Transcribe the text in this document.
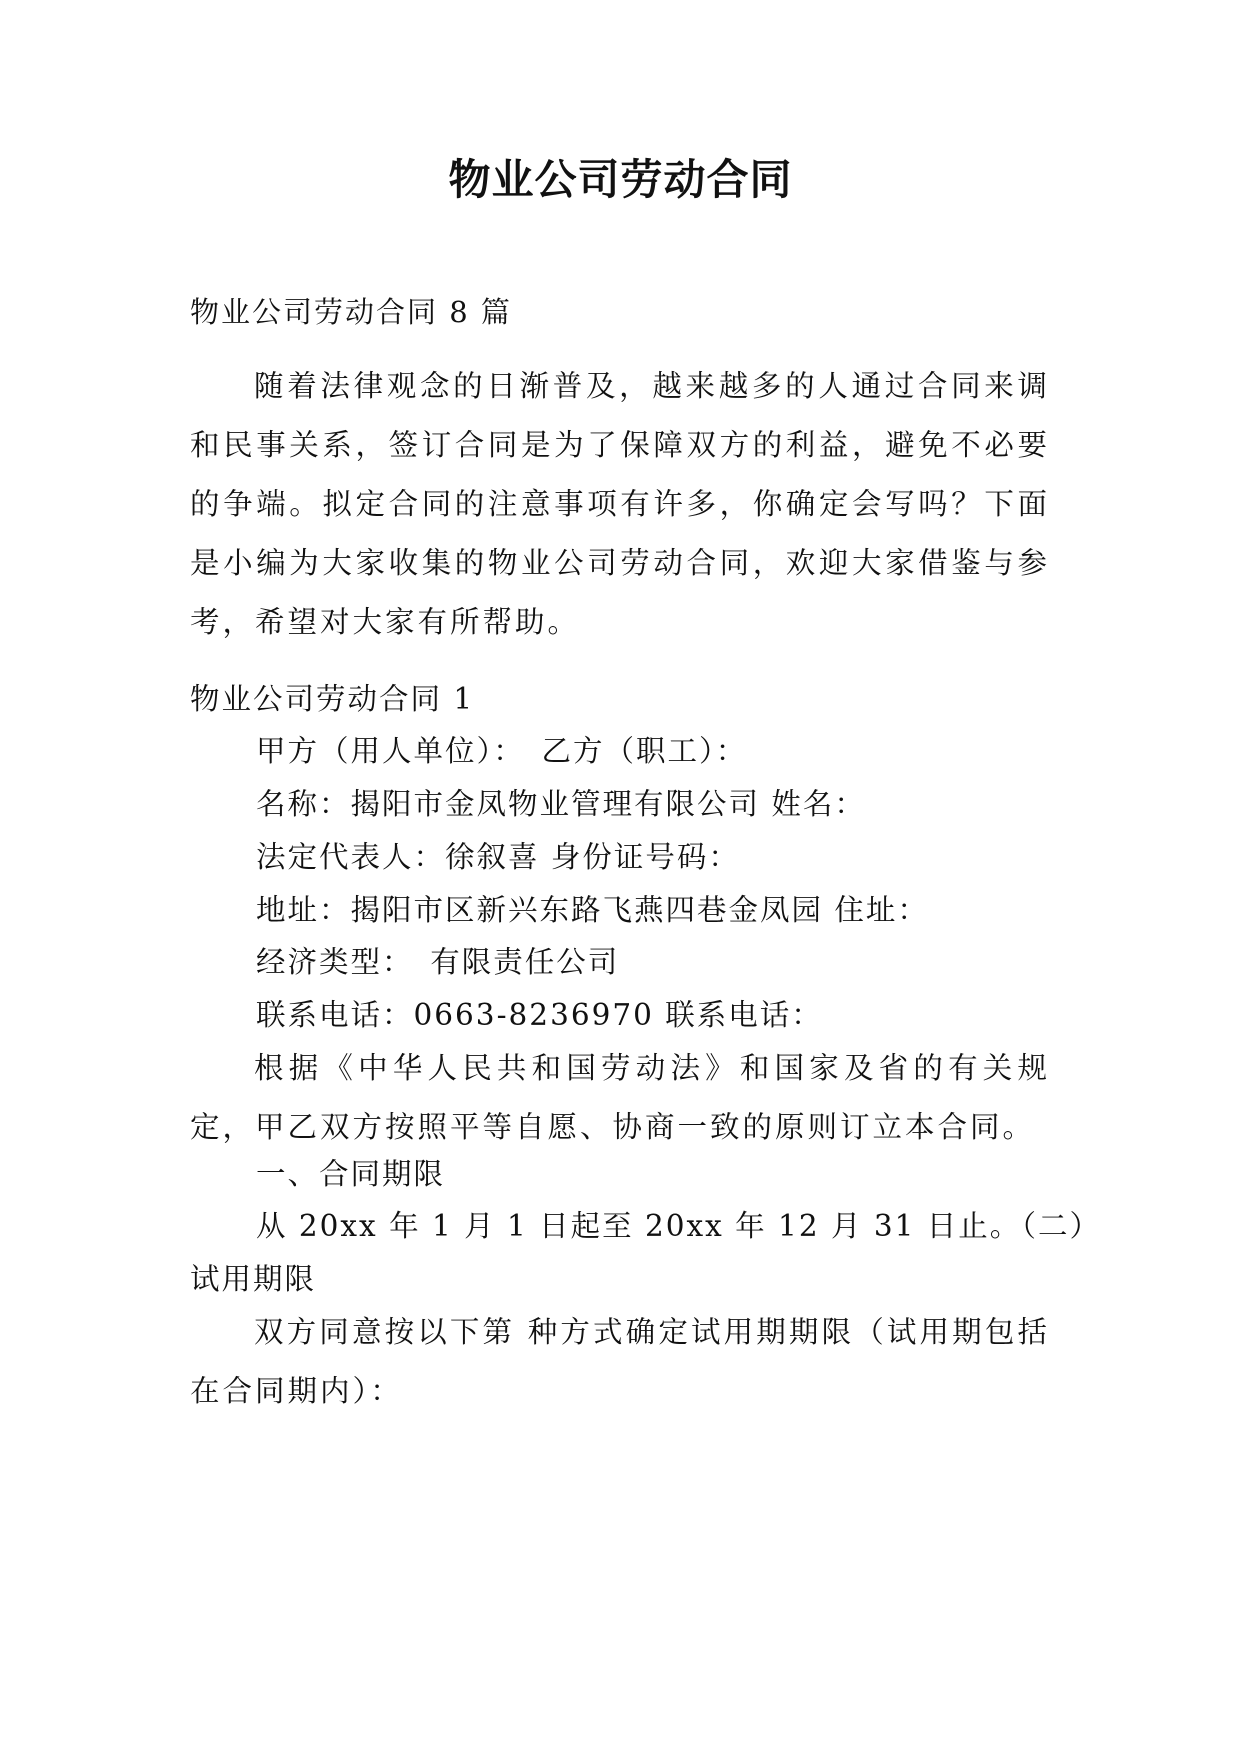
物业公司劳动合同
物业公司劳动合同 8 篇
随着法律观念的日渐普及，越来越多的人通过合同来调和民事关系，签订合同是为了保障双方的利益，避免不必要的争端。拟定合同的注意事项有许多，你确定会写吗？下面是小编为大家收集的物业公司劳动合同，欢迎大家借鉴与参考，希望对大家有所帮助。
物业公司劳动合同 1
甲方（用人单位）：　乙方（职工）：
名称：揭阳市金凤物业管理有限公司 姓名：
法定代表人：徐叙喜 身份证号码：
地址：揭阳市区新兴东路飞燕四巷金凤园 住址：
经济类型：　有限责任公司
联系电话：0663-8236970 联系电话：
根据《中华人民共和国劳动法》和国家及省的有关规定，甲乙双方按照平等自愿、协商一致的原则订立本合同。
一、合同期限
从 20xx 年 1 月 1 日起至 20xx 年 12 月 31 日止。（二）
试用期限
双方同意按以下第 种方式确定试用期期限（试用期包括在合同期内）：
